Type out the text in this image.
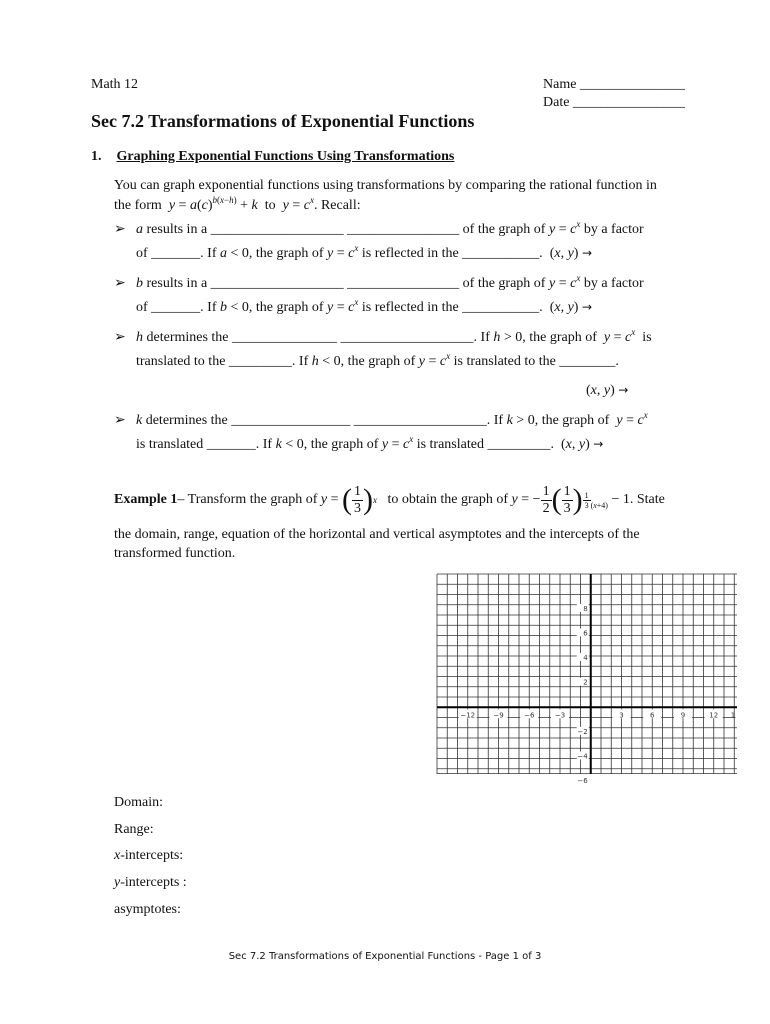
Math 12	Name _______________
Date ________________
Sec 7.2 Transformations of Exponential Functions
1. Graphing Exponential Functions Using Transformations
You can graph exponential functions using transformations by comparing the rational function in
the form $y = a(c)^{b(x-h)} + k$ to $y = c^x$. Recall:
➢ a results in a ___________________ ________________ of the graph of $y = c^x$ by a factor
of _______. If a < 0, the graph of $y = c^x$ is reflected in the ___________.  (x, y) →
➢ b results in a ___________________ ________________ of the graph of $y = c^x$ by a factor
of _______. If b < 0, the graph of $y = c^x$ is reflected in the ___________.  (x, y) →
➢ h determines the _______________ ___________________. If h > 0, the graph of $y = c^x$ is
translated to the _________. If h < 0, the graph of $y = c^x$ is translated to the ________.
(x, y) →
➢ k determines the _________________ ___________________. If k > 0, the graph of $y = c^x$
is translated _______. If k < 0, the graph of $y = c^x$ is translated _________.  (x, y) →
Example 1 – Transform the graph of
y = ( $\frac{1}{3}$ ) x
to obtain the graph of
y = − $\frac{1}{2}$ ( $\frac{1}{3}$ ) $\frac{1}{3} (x+4)$
− 1. State
the domain, range, equation of the horizontal and vertical asymptotes and the intercepts of the
transformed function.
−12	−9	−6	−3	3	6	9	12 1
8
6
4
2
−2
−4
−6
Domain:
Range:
x-intercepts:
y-intercepts :
asymptotes:
Sec 7.2 Transformations of Exponential Functions - Page 1 of 3
